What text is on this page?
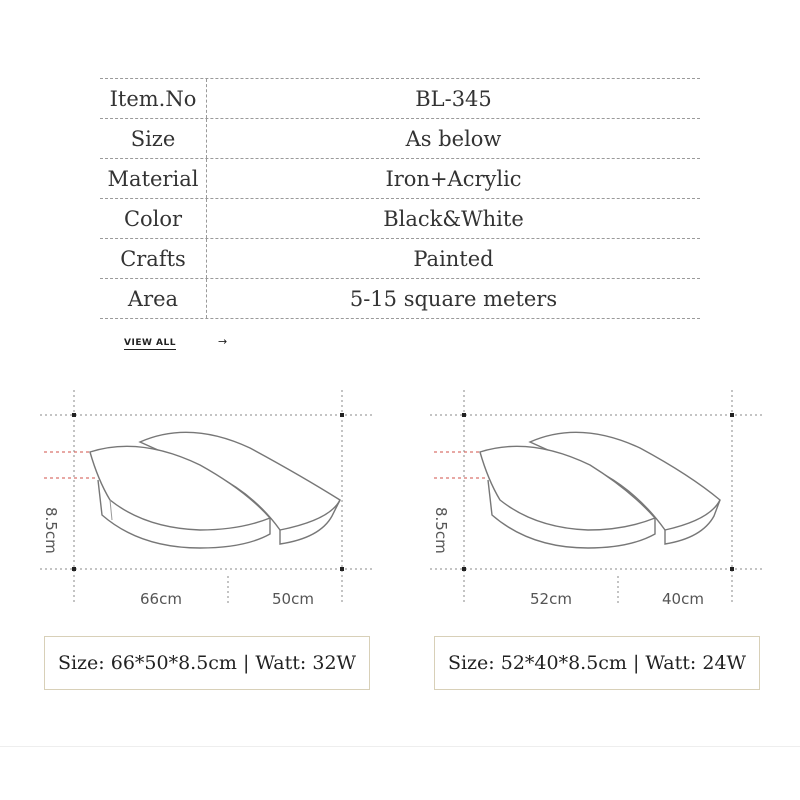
Item.No	BL-345
Size	As below
Material	Iron+Acrylic
Color	Black&White
Crafts	Painted
Area	5-15 square meters
VIEW ALL	→
8.5cm
66cm	50cm
8.5cm
52cm	40cm
Size: 66*50*8.5cm | Watt: 32W	Size: 52*40*8.5cm | Watt: 24W
